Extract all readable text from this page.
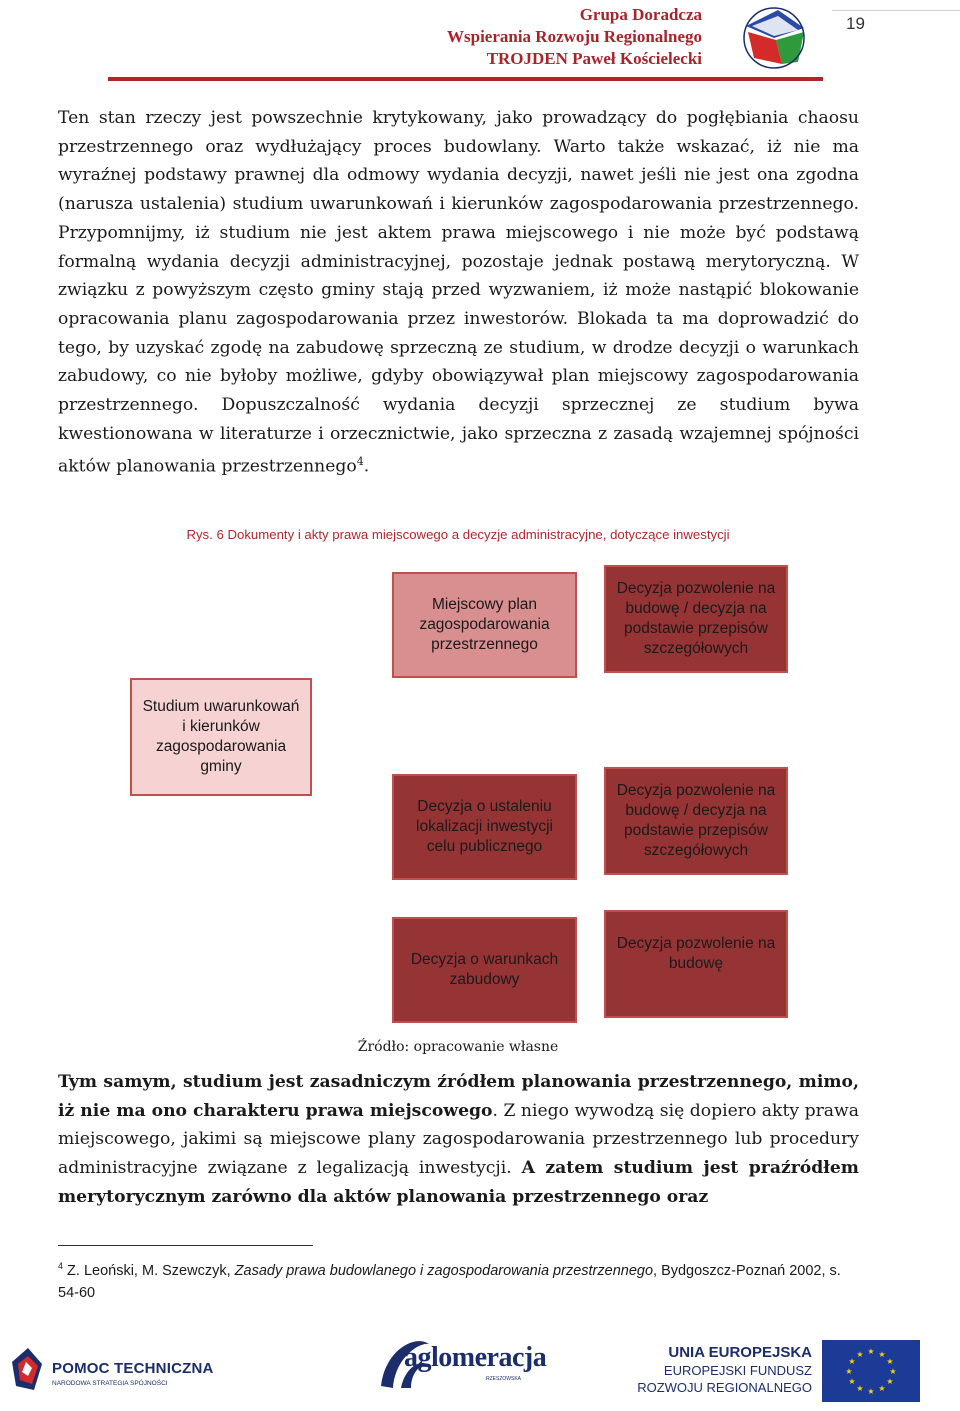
Grupa Doradcza
Wspierania Rozwoju Regionalnego
TROJDEN Paweł Kościelecki
19

Ten stan rzeczy jest powszechnie krytykowany, jako prowadzący do pogłębiania chaosu przestrzennego oraz wydłużający proces budowlany. Warto także wskazać, iż nie ma wyraźnej podstawy prawnej dla odmowy wydania decyzji, nawet jeśli nie jest ona zgodna (narusza ustalenia) studium uwarunkowań i kierunków zagospodarowania przestrzennego. Przypomnijmy, iż studium nie jest aktem prawa miejscowego i nie może być podstawą formalną wydania decyzji administracyjnej, pozostaje jednak postawą merytoryczną. W związku z powyższym często gminy stają przed wyzwaniem, iż może nastąpić blokowanie opracowania planu zagospodarowania przez inwestorów. Blokada ta ma doprowadzić do tego, by uzyskać zgodę na zabudowę sprzeczną ze studium, w drodze decyzji o warunkach zabudowy, co nie byłoby możliwe, gdyby obowiązywał plan miejscowy zagospodarowania przestrzennego. Dopuszczalność wydania decyzji sprzecznej ze studium bywa kwestionowana w literaturze i orzecznictwie, jako sprzeczna z zasadą wzajemnej spójności aktów planowania przestrzennego$^4$.

Rys. 6 Dokumenty i akty prawa miejscowego a decyzje administracyjne, dotyczące inwestycji
Studium uwarunkowań i kierunków zagospodarowania gminy
Miejscowy plan zagospodarowania przestrzennego
Decyzja o ustaleniu lokalizacji inwestycji celu publicznego
Decyzja o warunkach zabudowy
Decyzja pozwolenie na budowę / decyzja na podstawie przepisów szczegółowych
Decyzja pozwolenie na budowę / decyzja na podstawie przepisów szczegółowych
Decyzja pozwolenie na budowę
Źródło: opracowanie własne

Tym samym, studium jest zasadniczym źródłem planowania przestrzennego, mimo, iż nie ma ono charakteru prawa miejscowego. Z niego wywodzą się dopiero akty prawa miejscowego, jakimi są miejscowe plany zagospodarowania przestrzennego lub procedury administracyjne związane z legalizacją inwestycji. A zatem studium jest praźródłem merytorycznym zarówno dla aktów planowania przestrzennego oraz

$^4$ Z. Leoński, M. Szewczyk, Zasady prawa budowlanego i zagospodarowania przestrzennego, Bydgoszcz-Poznań 2002, s. 54-60

POMOC TECHNICZNA
NARODOWA STRATEGIA SPÓJNOŚCI
aglomeracja
RZESZOWSKA
UNIA EUROPEJSKA
EUROPEJSKI FUNDUSZ
ROZWOJU REGIONALNEGO
★ ★
★
★
★
★
★
★
★
★
★
★
